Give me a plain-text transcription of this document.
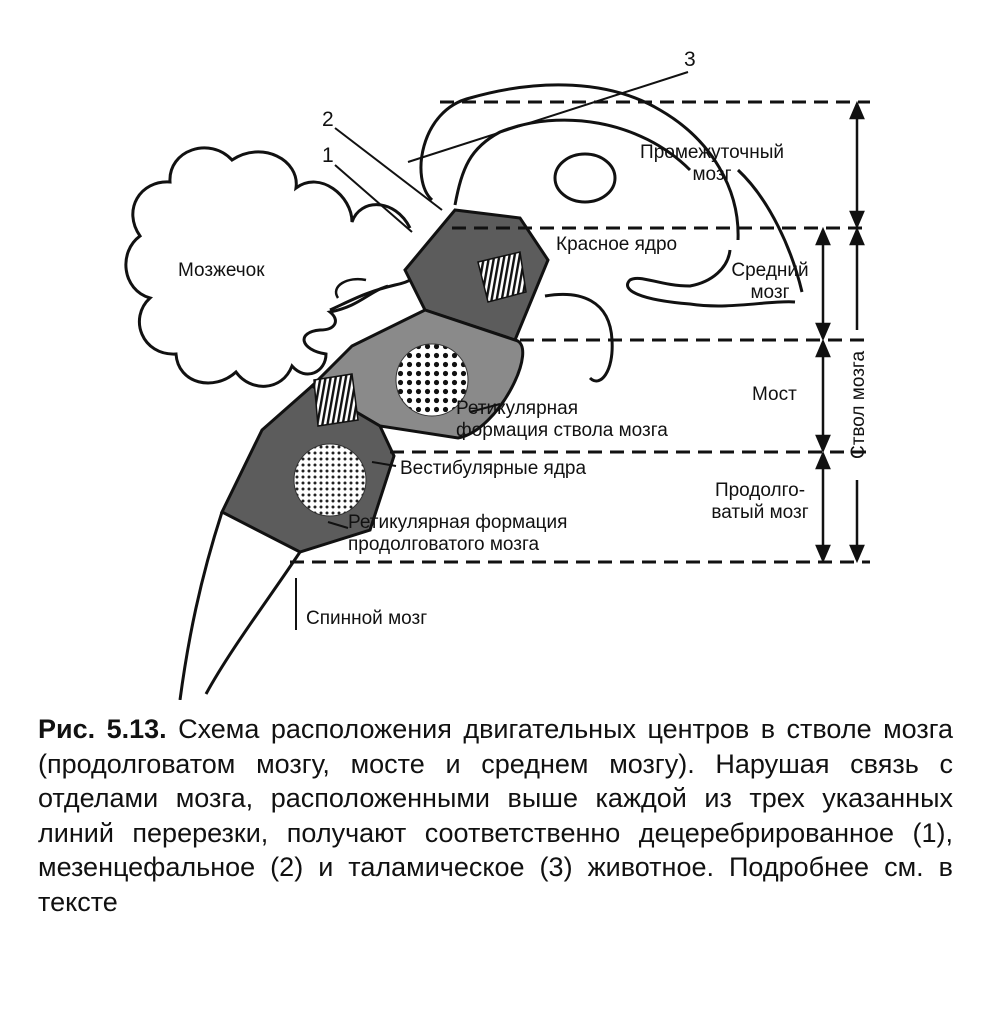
1
2
3
Промежуточный мозг
Мозжечок
Красное ядро
Средний мозг
Мост
Ретикулярная формация ствола мозга
Вестибулярные ядра
Продолго-ватый мозг
Ретикулярная формация продолговатого мозга
Спинной мозг
Ствол мозга

Рис. 5.13. Схема расположения двигательных центров в стволе мозга (продолговатом мозгу, мосте и среднем мозгу). Нарушая связь с отделами мозга, расположенными выше каждой из трех указанных линий перерезки, получают соответственно децеребрированное (1), мезенцефальное (2) и таламическое (3) животное. Подробнее см. в тексте
